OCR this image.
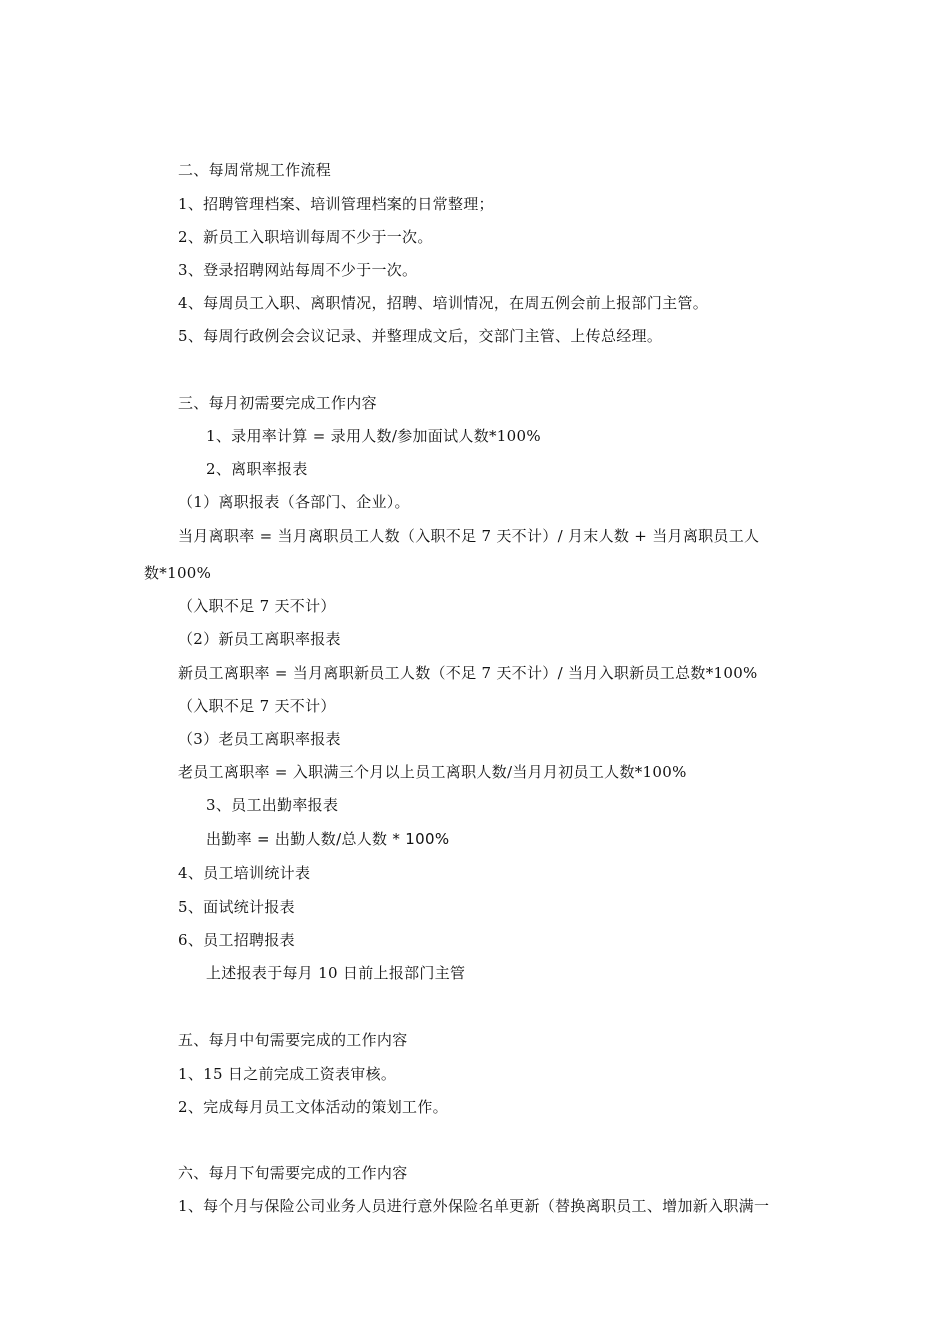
二、每周常规工作流程
1、招聘管理档案、培训管理档案的日常整理；
2、新员工入职培训每周不少于一次。
3、登录招聘网站每周不少于一次。
4、每周员工入职、离职情况，招聘、培训情况，在周五例会前上报部门主管。
5、每周行政例会会议记录、并整理成文后，交部门主管、上传总经理。
三、每月初需要完成工作内容
1、录用率计算 = 录用人数/参加面试人数*100%
2、离职率报表
（1）离职报表（各部门、企业）。
当月离职率 = 当月离职员工人数（入职不足 7 天不计）/ 月末人数 + 当月离职员工人
数*100%
（入职不足 7 天不计）
（2）新员工离职率报表
新员工离职率 = 当月离职新员工人数（不足 7 天不计）/ 当月入职新员工总数*100%
（入职不足 7 天不计）
（3）老员工离职率报表
老员工离职率 = 入职满三个月以上员工离职人数/当月月初员工人数*100%
3、员工出勤率报表
出勤率 = 出勤人数/总人数 * 100%
4、员工培训统计表
5、面试统计报表
6、员工招聘报表
上述报表于每月 10 日前上报部门主管
五、每月中旬需要完成的工作内容
1、15 日之前完成工资表审核。
2、完成每月员工文体活动的策划工作。
六、每月下旬需要完成的工作内容
1、每个月与保险公司业务人员进行意外保险名单更新（替换离职员工、增加新入职满一
